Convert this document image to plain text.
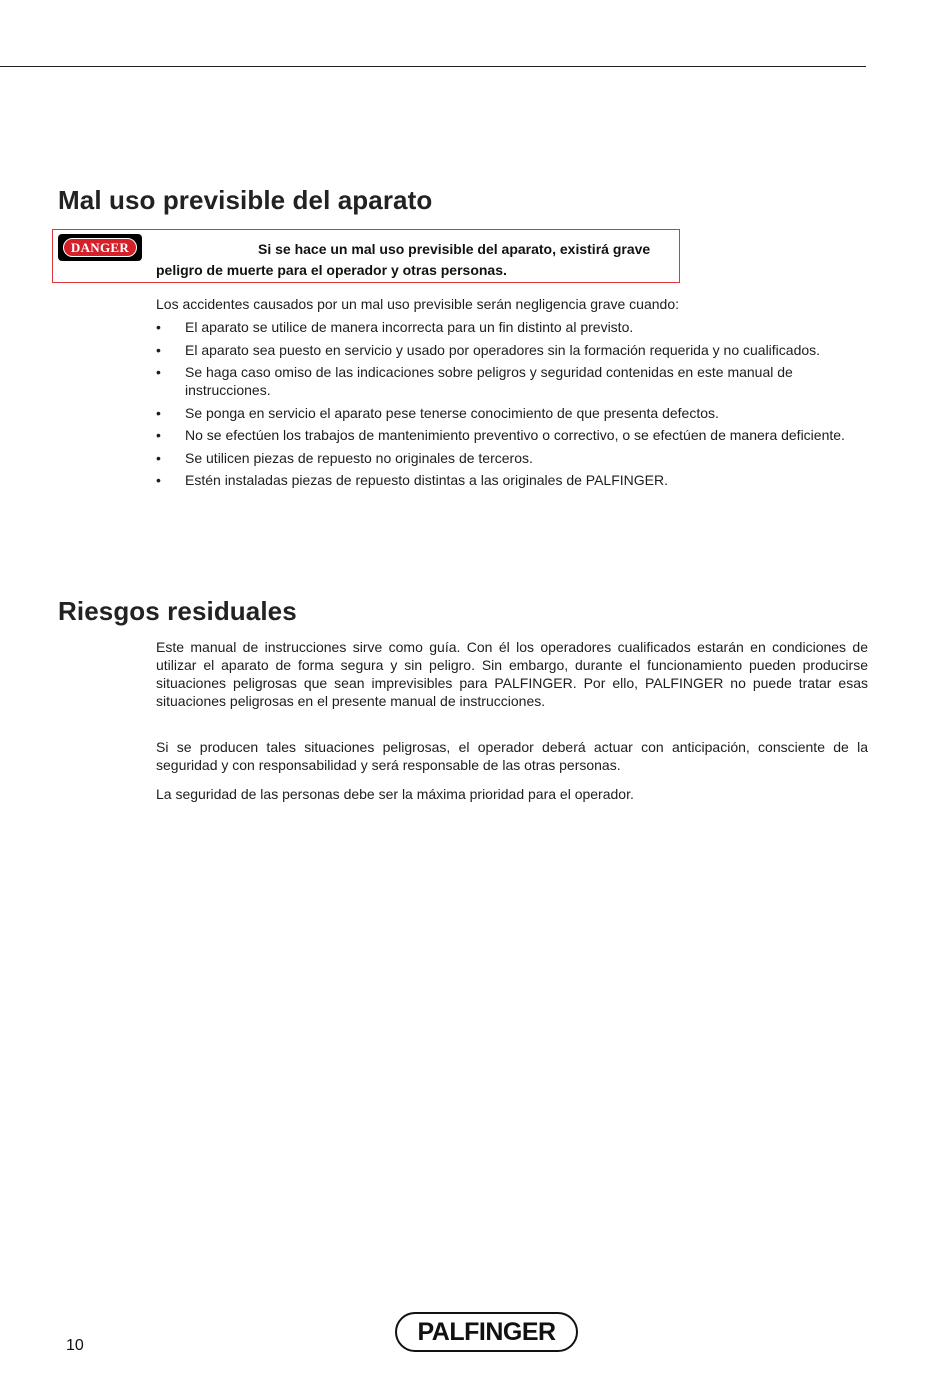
Mal uso previsible del aparato
DANGER	Si se hace un mal uso previsible del aparato, existirá grave peligro de muerte para el operador y otras personas.
Los accidentes causados por un mal uso previsible serán negligencia grave cuando:
• El aparato se utilice de manera incorrecta para un fin distinto al previsto.
• El aparato sea puesto en servicio y usado por operadores sin la formación requerida y no cualificados.
• Se haga caso omiso de las indicaciones sobre peligros y seguridad contenidas en este manual de instrucciones.
• Se ponga en servicio el aparato pese tenerse conocimiento de que presenta defectos.
• No se efectúen los trabajos de mantenimiento preventivo o correctivo, o se efectúen de manera deficiente.
• Se utilicen piezas de repuesto no originales de terceros.
• Estén instaladas piezas de repuesto distintas a las originales de PALFINGER.
Riesgos residuales

Este manual de instrucciones sirve como guía. Con él los operadores cualificados estarán en condiciones de utilizar el aparato de forma segura y sin peligro. Sin embargo, durante el funcionamiento pueden producirse situaciones peligrosas que sean imprevisibles para PALFINGER. Por ello, PALFINGER no puede tratar esas situaciones peligrosas en el presente manual de instrucciones.

Si se producen tales situaciones peligrosas, el operador deberá actuar con anticipación, consciente de la seguridad y con responsabilidad y será responsable de las otras personas.

La seguridad de las personas debe ser la máxima prioridad para el operador.

10	PALFINGER
